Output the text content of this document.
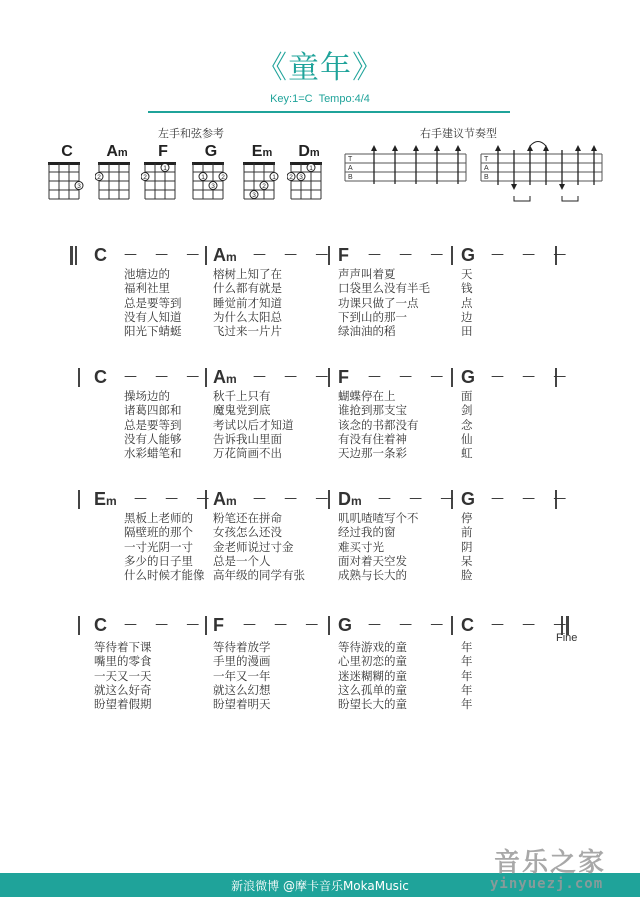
《童年》
Key:1=C Tempo:4/4
左手和弦参考	右手建议节奏型
C
3
Am
2
F
2
1
G
1
3
2
Em
3
2
1
Dm
2 3
1
T
A
B
T
A
B
池塘边的
福利社里
总是要等到
没有人知道
阳光下蜻蜓
榕树上知了在
什么都有就是
睡觉前才知道
为什么太阳总
飞过来一片片
声声叫着夏
口袋里么没有半毛
功课只做了一点
下到山的那一
绿油油的稻
天
钱
点
边
田
C — — — Am — — — F — — — G — — —
操场边的
诸葛四郎和
总是要等到
没有人能够
水彩蜡笔和
秋千上只有
魔鬼党到底
考试以后才知道
告诉我山里面
万花筒画不出
蝴蝶停在上
谁抢到那支宝
该念的书都没有
有没有住着神
天边那一条彩
面
剑
念
仙
虹
C — — — Am — — — F — — — G — — —
黑板上老师的
隔壁班的那个
一寸光阴一寸
多少的日子里
什么时候才能像
粉笔还在拼命
女孩怎么还没
金老师说过寸金
总是一个人
高年级的同学有张
叽叽喳喳写个不
经过我的窗
难买寸光
面对着天空发
成熟与长大的
停
前
阴
呆
脸
Em — — —
Am — — — Dm — — — G — — —
等待着下课
嘴里的零食
一天又一天
就这么好奇
盼望着假期
等待着放学
手里的漫画
一年又一年
就这么幻想
盼望着明天
等待游戏的童
心里初恋的童
迷迷糊糊的童
这么孤单的童
盼望长大的童
年
年
年
年
年
C — — — F — — — G — — — C — — —
Fine
新浪微博 @摩卡音乐MokaMusic
音乐之家
yinyuezj.com
